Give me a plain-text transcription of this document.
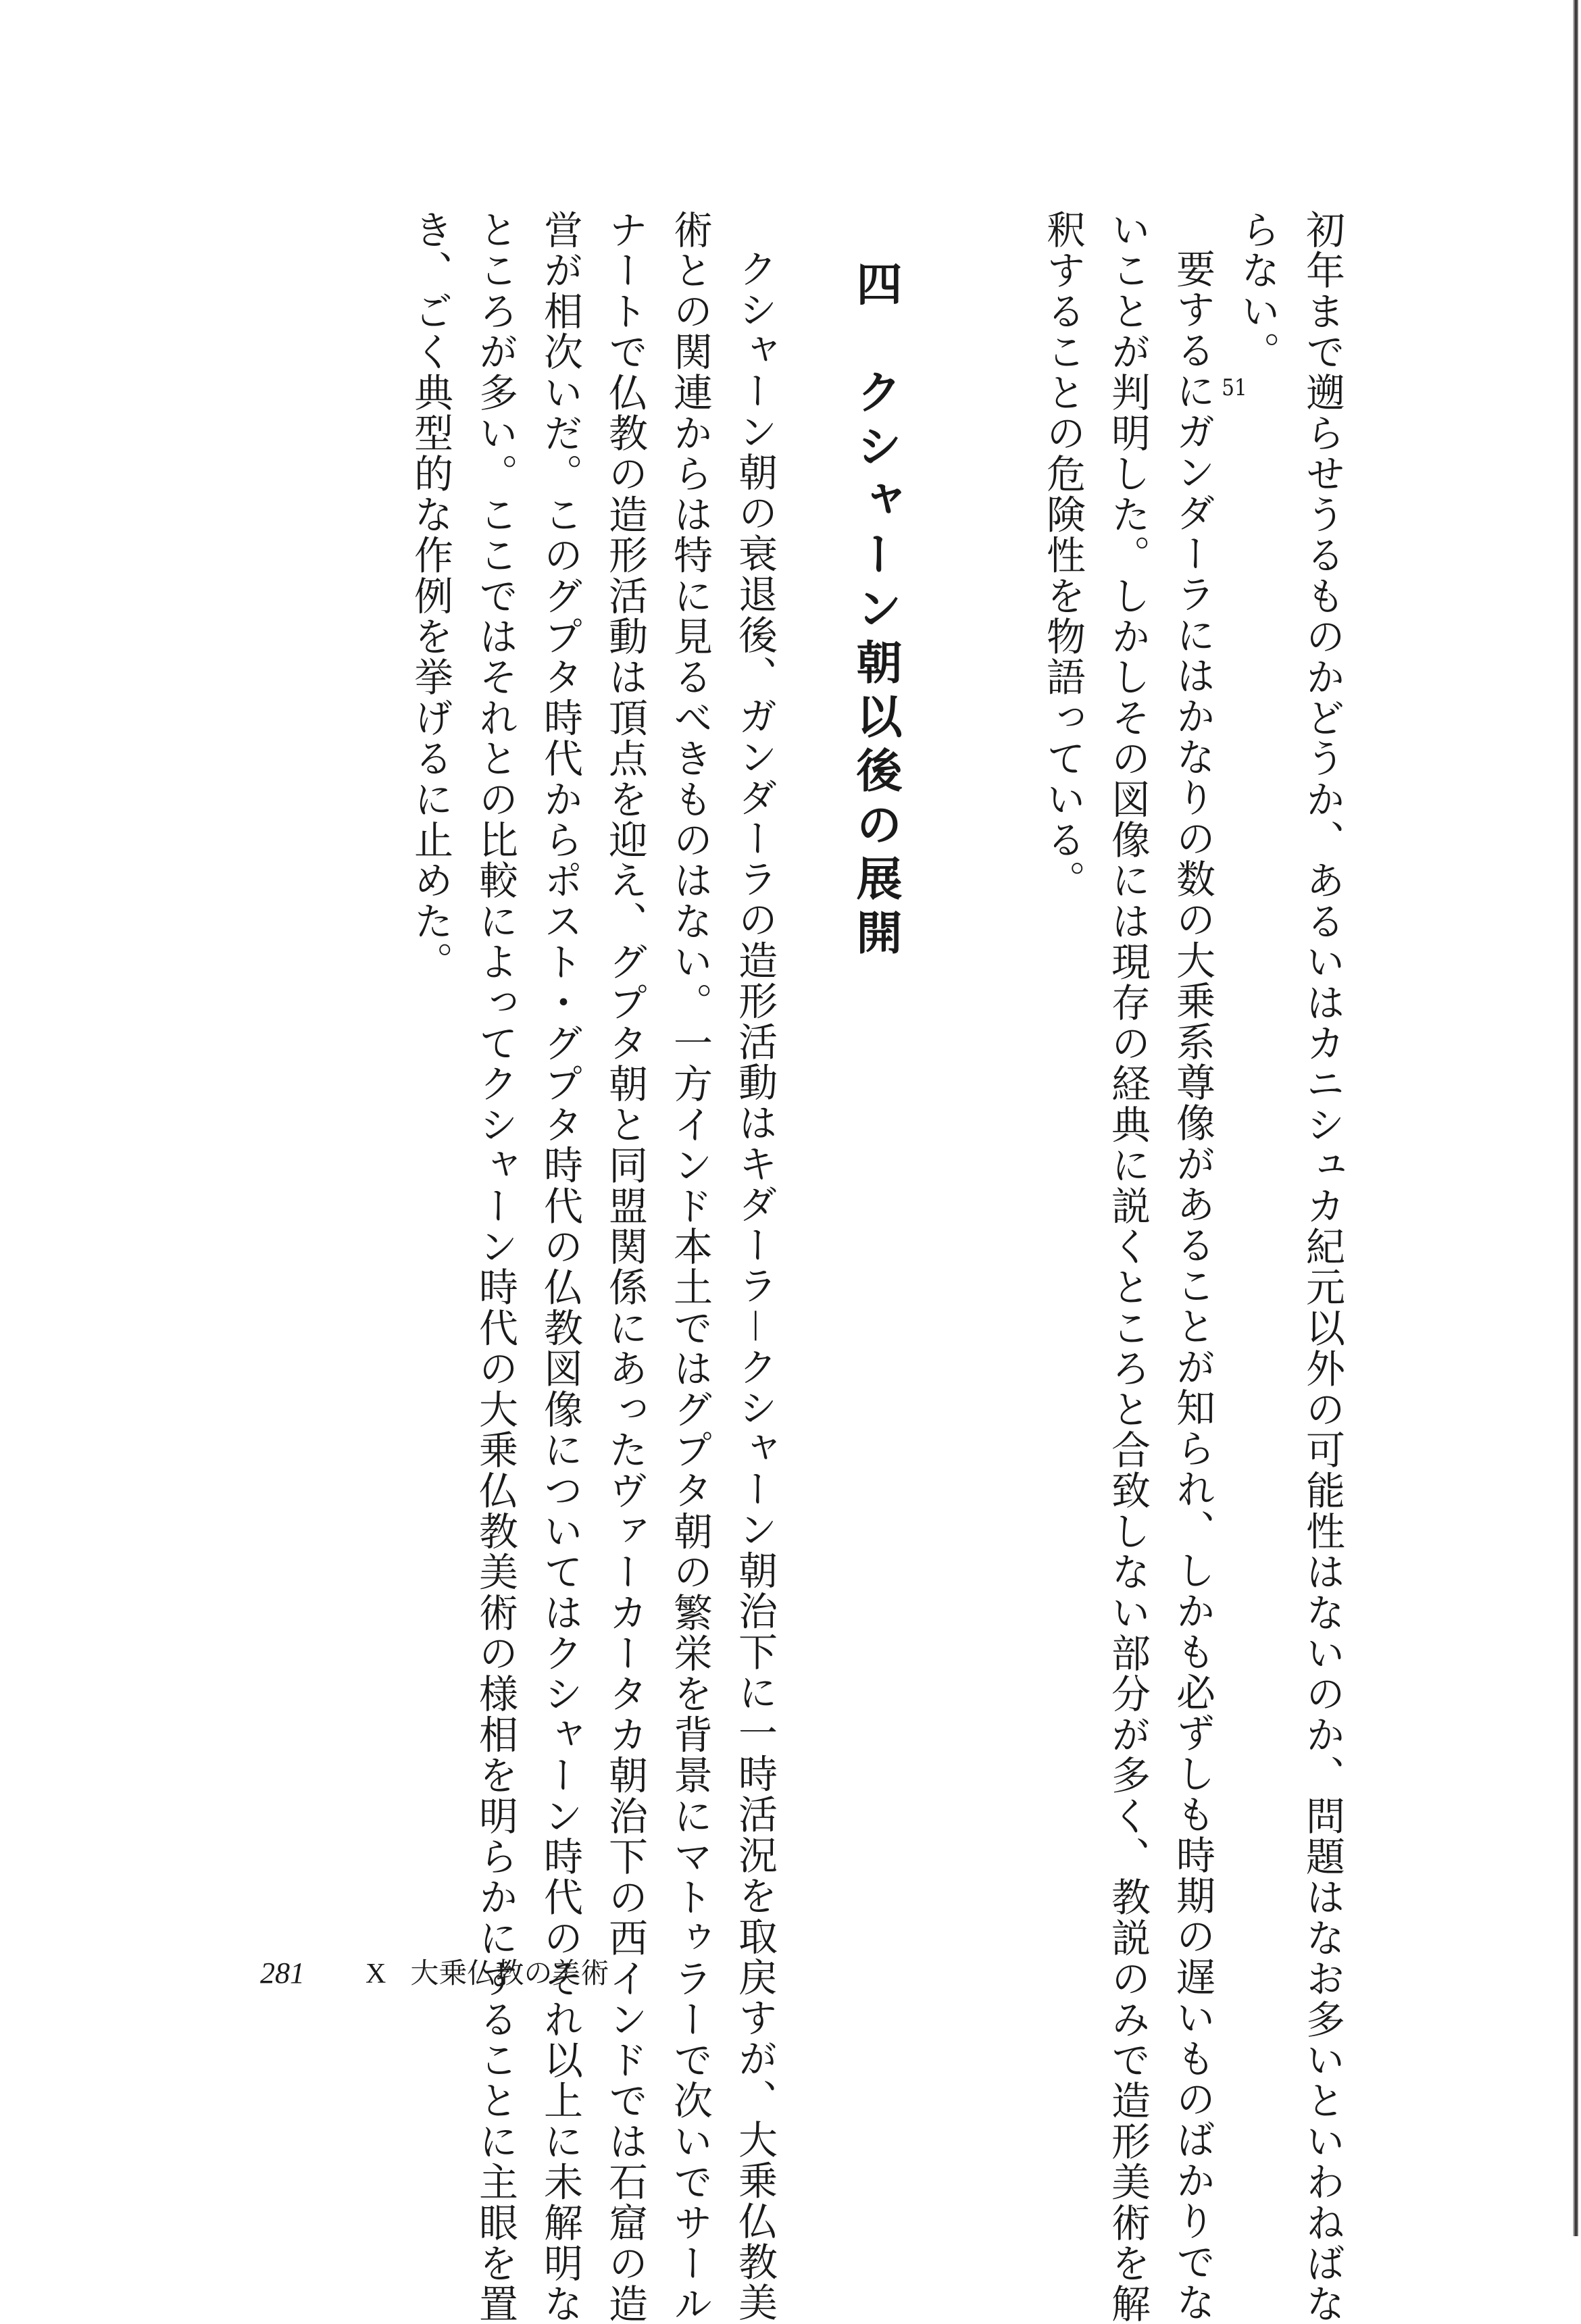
初年まで遡らせうるものかどうか、あるいはカニシュカ紀元以外の可能性はないのか、問題はなお多いといわねばな
らない。51
要するにガンダーラにはかなりの数の大乗系尊像があることが知られ、しかも必ずしも時期の遅いものばかりでな
いことが判明した。しかしその図像には現存の経典に説くところと合致しない部分が多く、教説のみで造形美術を解
釈することの危険性を物語っている。
四　クシャーン朝以後の展開
クシャーン朝の衰退後、ガンダーラの造形活動はキダーラ－クシャーン朝治下に一時活況を取戻すが、大乗仏教美
術との関連からは特に見るべきものはない。一方インド本土ではグプタ朝の繁栄を背景にマトゥラーで次いでサール
ナートで仏教の造形活動は頂点を迎え、グプタ朝と同盟関係にあったヴァーカータカ朝治下の西インドでは石窟の造
営が相次いだ。このグプタ時代からポスト・グプタ時代の仏教図像についてはクシャーン時代のそれ以上に未解明な
ところが多い。ここではそれとの比較によってクシャーン時代の大乗仏教美術の様相を明らかにすることに主眼を置
き、ごく典型的な作例を挙げるに止めた。
281 X 大乗仏教の美術
